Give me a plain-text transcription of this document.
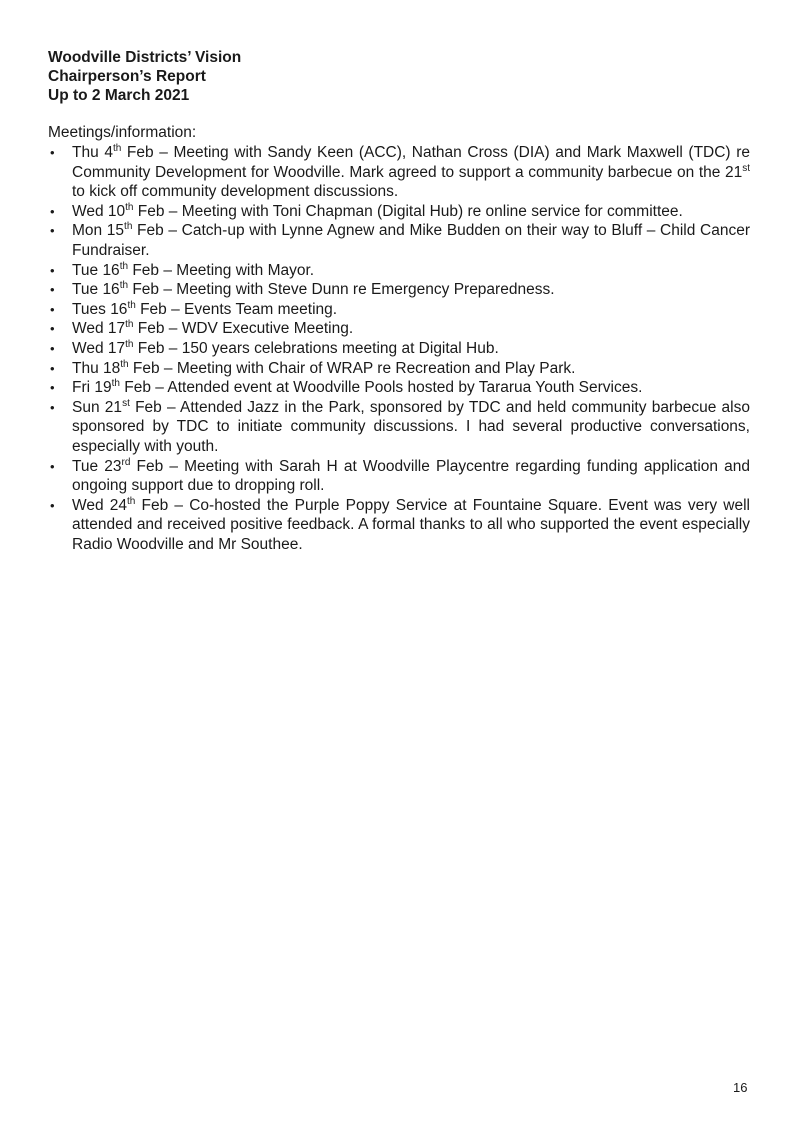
Woodville Districts’ Vision
Chairperson’s Report
Up to 2 March 2021
Meetings/information:
• Thu 4th Feb – Meeting with Sandy Keen (ACC), Nathan Cross (DIA) and Mark Maxwell (TDC) re Community Development for Woodville. Mark agreed to support a community barbecue on the 21st to kick off community development discussions.
• Wed 10th Feb – Meeting with Toni Chapman (Digital Hub) re online service for committee.
• Mon 15th Feb – Catch-up with Lynne Agnew and Mike Budden on their way to Bluff – Child Cancer Fundraiser.
• Tue 16th Feb – Meeting with Mayor.
• Tue 16th Feb – Meeting with Steve Dunn re Emergency Preparedness.
• Tues 16th Feb – Events Team meeting.
• Wed 17th Feb – WDV Executive Meeting.
• Wed 17th Feb – 150 years celebrations meeting at Digital Hub.
• Thu 18th Feb – Meeting with Chair of WRAP re Recreation and Play Park.
• Fri 19th Feb – Attended event at Woodville Pools hosted by Tararua Youth Services.
• Sun 21st Feb – Attended Jazz in the Park, sponsored by TDC and held community barbecue also sponsored by TDC to initiate community discussions. I had several productive conversations, especially with youth.
• Tue 23rd Feb – Meeting with Sarah H at Woodville Playcentre regarding funding application and ongoing support due to dropping roll.
• Wed 24th Feb – Co-hosted the Purple Poppy Service at Fountaine Square. Event was very well attended and received positive feedback. A formal thanks to all who supported the event especially Radio Woodville and Mr Southee.
16
